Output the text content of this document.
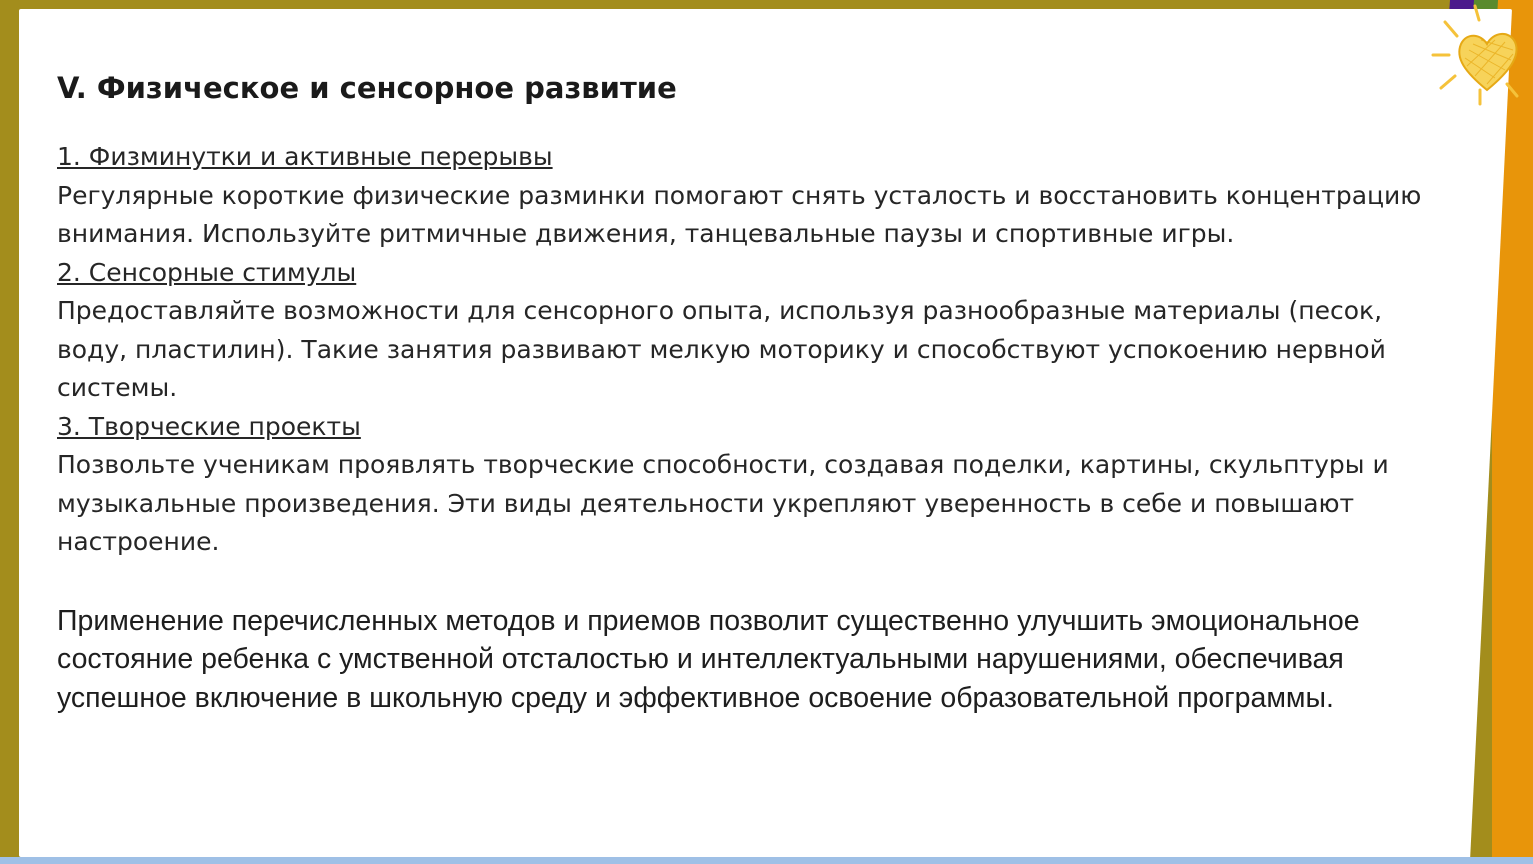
V. Физическое и сенсорное развитие

1. Физминутки и активные перерывы

Регулярные короткие физические разминки помогают снять усталость и восстановить концентрацию внимания. Используйте ритмичные движения, танцевальные паузы и спортивные игры.

2. Сенсорные стимулы

Предоставляйте возможности для сенсорного опыта, используя разнообразные материалы (песок, воду, пластилин). Такие занятия развивают мелкую моторику и способствуют успокоению нервной системы.

3. Творческие проекты

Позвольте ученикам проявлять творческие способности, создавая поделки, картины, скульптуры и музыкальные произведения. Эти виды деятельности укрепляют уверенность в себе и повышают настроение.

Применение перечисленных методов и приемов позволит существенно улучшить эмоциональное состояние ребенка с умственной отсталостью и интеллектуальными нарушениями, обеспечивая успешное включение в школьную среду и эффективное освоение образовательной программы.
